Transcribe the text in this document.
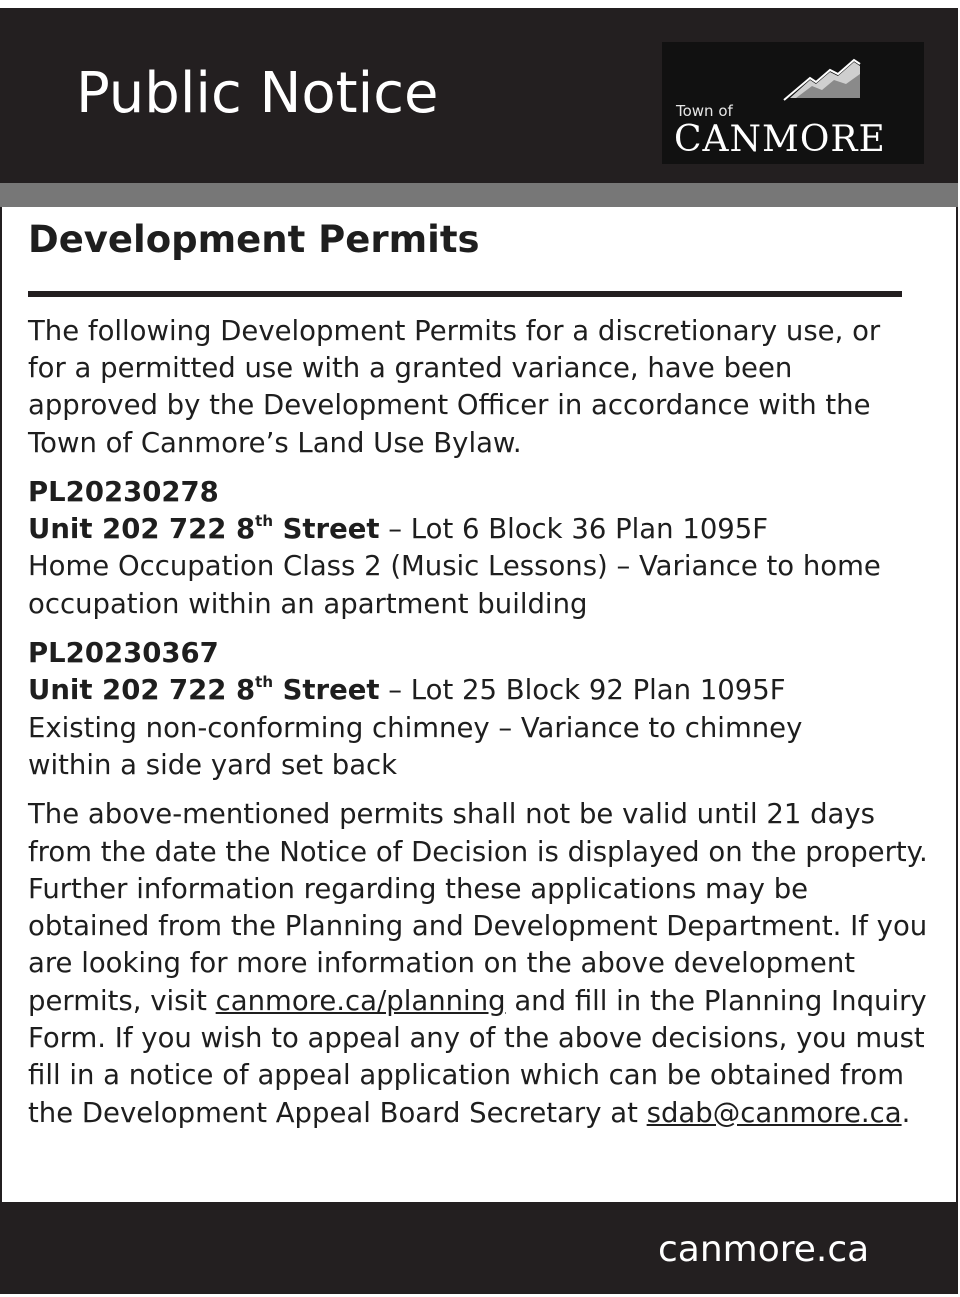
Public Notice	Town of
CANMORE
Development Permits

The following Development Permits for a discretionary use, or for a permitted use with a granted variance, have been approved by the Development Officer in accordance with the Town of Canmore’s Land Use Bylaw.

PL20230278

Unit 202 722 8th Street – Lot 6 Block 36 Plan 1095F

Home Occupation Class 2 (Music Lessons) – Variance to home

occupation within an apartment building

PL20230367

Unit 202 722 8th Street – Lot 25 Block 92 Plan 1095F

Existing non-conforming chimney – Variance to chimney

within a side yard set back

The above-mentioned permits shall not be valid until 21 days from the date the Notice of Decision is displayed on the property. Further information regarding these applications may be obtained from the Planning and Development Department. If you are looking for more information on the above development permits, visit canmore.ca/planning and fill in the Planning Inquiry Form. If you wish to appeal any of the above decisions, you must fill in a notice of appeal application which can be obtained from the Development Appeal Board Secretary at sdab@canmore.ca.

canmore.ca
